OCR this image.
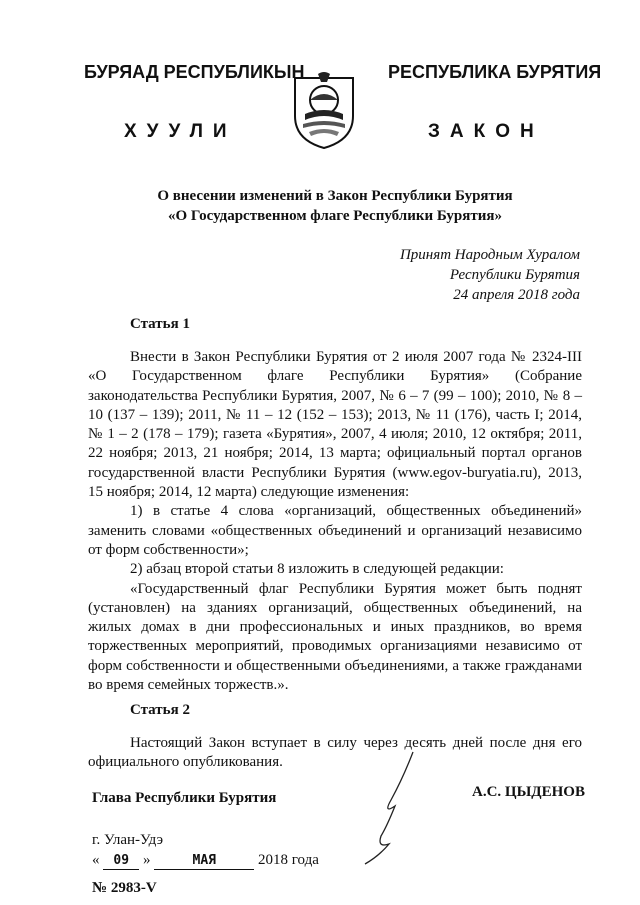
БУРЯАД РЕСПУБЛИКЫН	РЕСПУБЛИКА БУРЯТИЯ
ХУУЛИ	ЗАКОН
О внесении изменений в Закон Республики Бурятия
«О Государственном флаге Республики Бурятия»
Принят Народным Хуралом
Республики Бурятия
24 апреля 2018 года
Статья 1

Внести в Закон Республики Бурятия от 2 июля 2007 года № 2324-III «О Государственном флаге Республики Бурятия» (Собрание законодательства Республики Бурятия, 2007, № 6 – 7 (99 – 100); 2010, № 8 – 10 (137 – 139); 2011, № 11 – 12 (152 – 153); 2013, № 11 (176), часть I; 2014, № 1 – 2 (178 – 179); газета «Бурятия», 2007, 4 июля; 2010, 12 октября; 2011, 22 ноября; 2013, 21 ноября; 2014, 13 марта; официальный портал органов государственной власти Республики Бурятия (www.egov-buryatia.ru), 2013, 15 ноября; 2014, 12 марта) следующие изменения:

1) в статье 4 слова «организаций, общественных объединений» заменить словами «общественных объединений и организаций независимо от форм собственности»;

2) абзац второй статьи 8 изложить в следующей редакции:

«Государственный флаг Республики Бурятия может быть поднят (установлен) на зданиях организаций, общественных объединений, на жилых домах в дни профессиональных и иных праздников, во время торжественных мероприятий, проводимых организациями независимо от форм собственности и общественными объединениями, а также гражданами во время семейных торжеств.».

Статья 2

Настоящий Закон вступает в силу через десять дней после дня его официального опубликования.

Глава Республики Бурятия	А.С. ЦЫДЕНОВ
г. Улан-Удэ
« 09 »	МАЯ	2018 года
№ 2983-V
